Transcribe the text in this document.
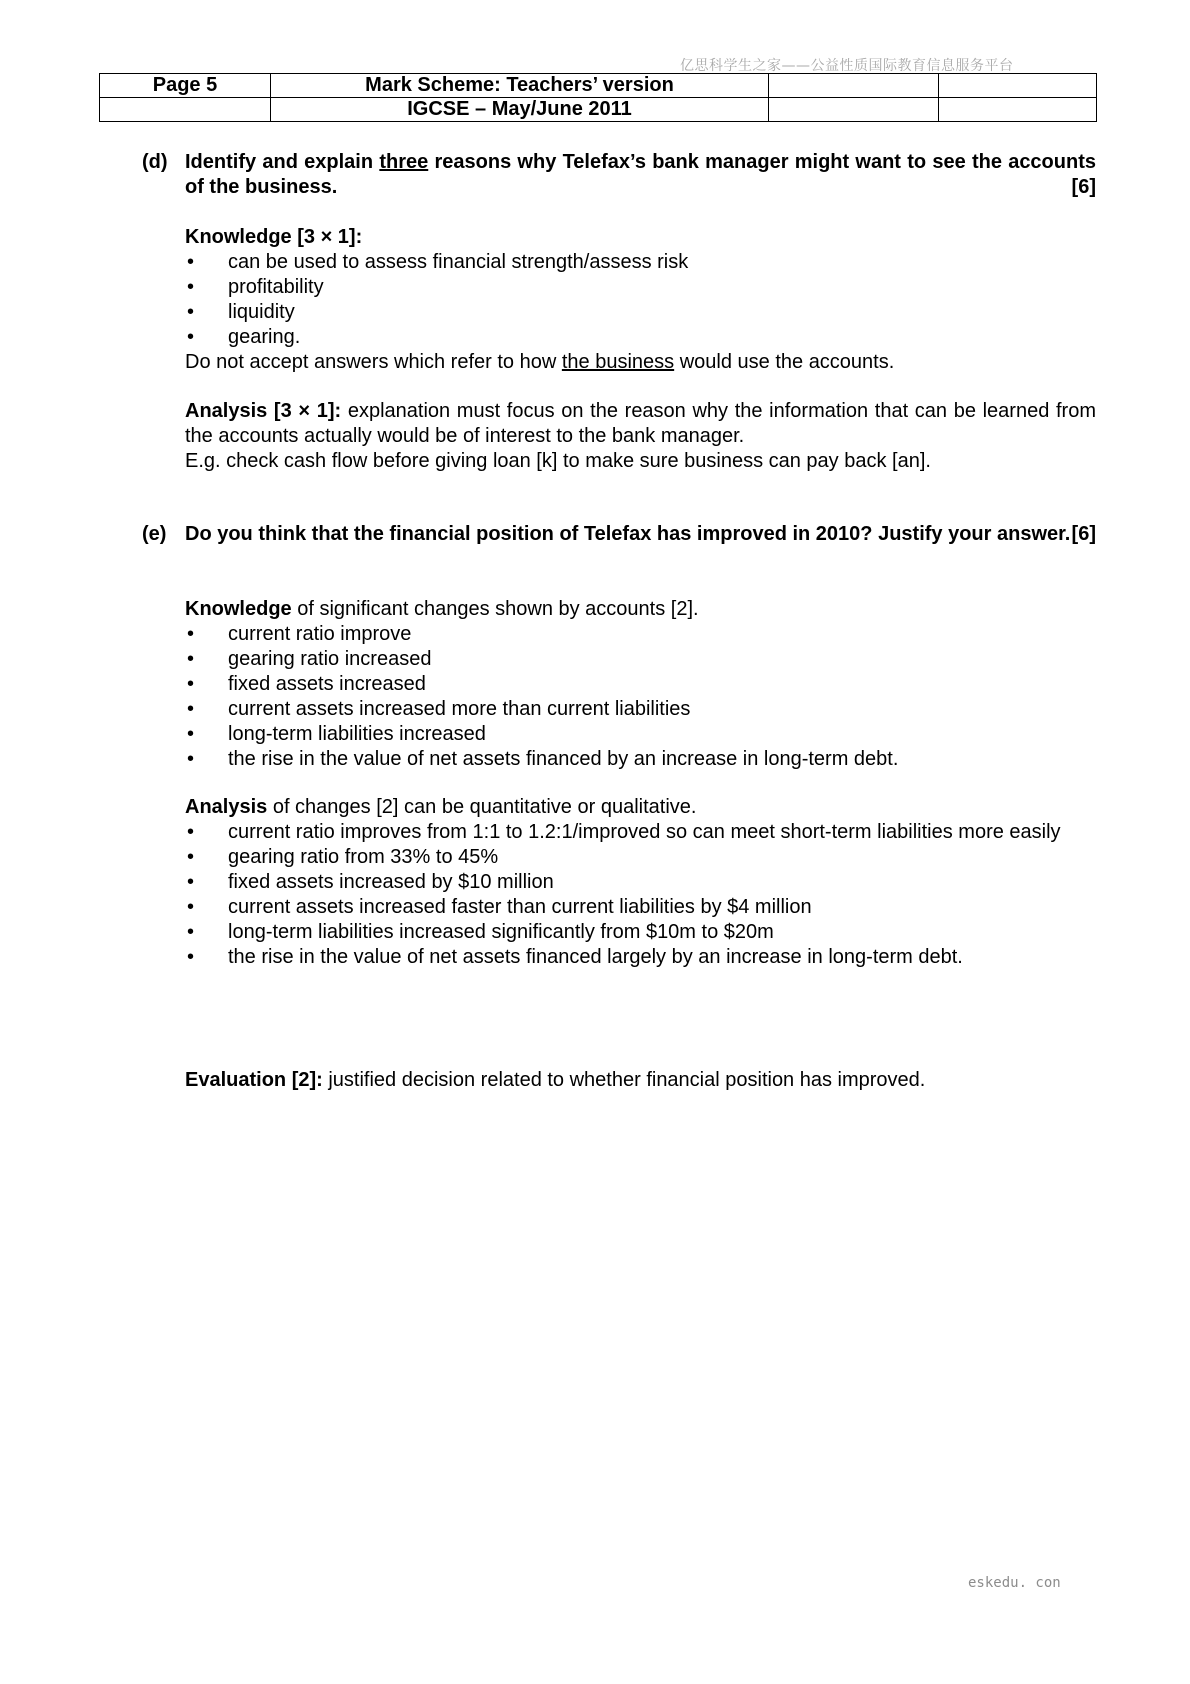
亿思科学生之家——公益性质国际教育信息服务平台
Page 5	Mark Scheme: Teachers’ version		
	IGCSE – May/June 2011		
(d) Identify and explain three reasons why Telefax’s bank manager might want to see the accounts of the business.	[6]

Knowledge [3 × 1]:

• can be used to assess financial strength/assess risk
• profitability
• liquidity
• gearing.

Do not accept answers which refer to how the business would use the accounts.

Analysis [3 × 1]: explanation must focus on the reason why the information that can be learned from the accounts actually would be of interest to the bank manager.

E.g. check cash flow before giving loan [k] to make sure business can pay back [an].

(e) Do you think that the financial position of Telefax has improved in 2010? Justify your answer. [6]

Knowledge of significant changes shown by accounts [2].

• current ratio improve
• gearing ratio increased
• fixed assets increased
• current assets increased more than current liabilities
• long-term liabilities increased
• the rise in the value of net assets financed by an increase in long-term debt.

Analysis of changes [2] can be quantitative or qualitative.

• current ratio improves from 1:1 to 1.2:1/improved so can meet short-term liabilities more easily
• gearing ratio from 33% to 45%
• fixed assets increased by $10 million
• current assets increased faster than current liabilities by $4 million
• long-term liabilities increased significantly from $10m to $20m
• the rise in the value of net assets financed largely by an increase in long-term debt.

Evaluation [2]: justified decision related to whether financial position has improved.

eskedu. con
